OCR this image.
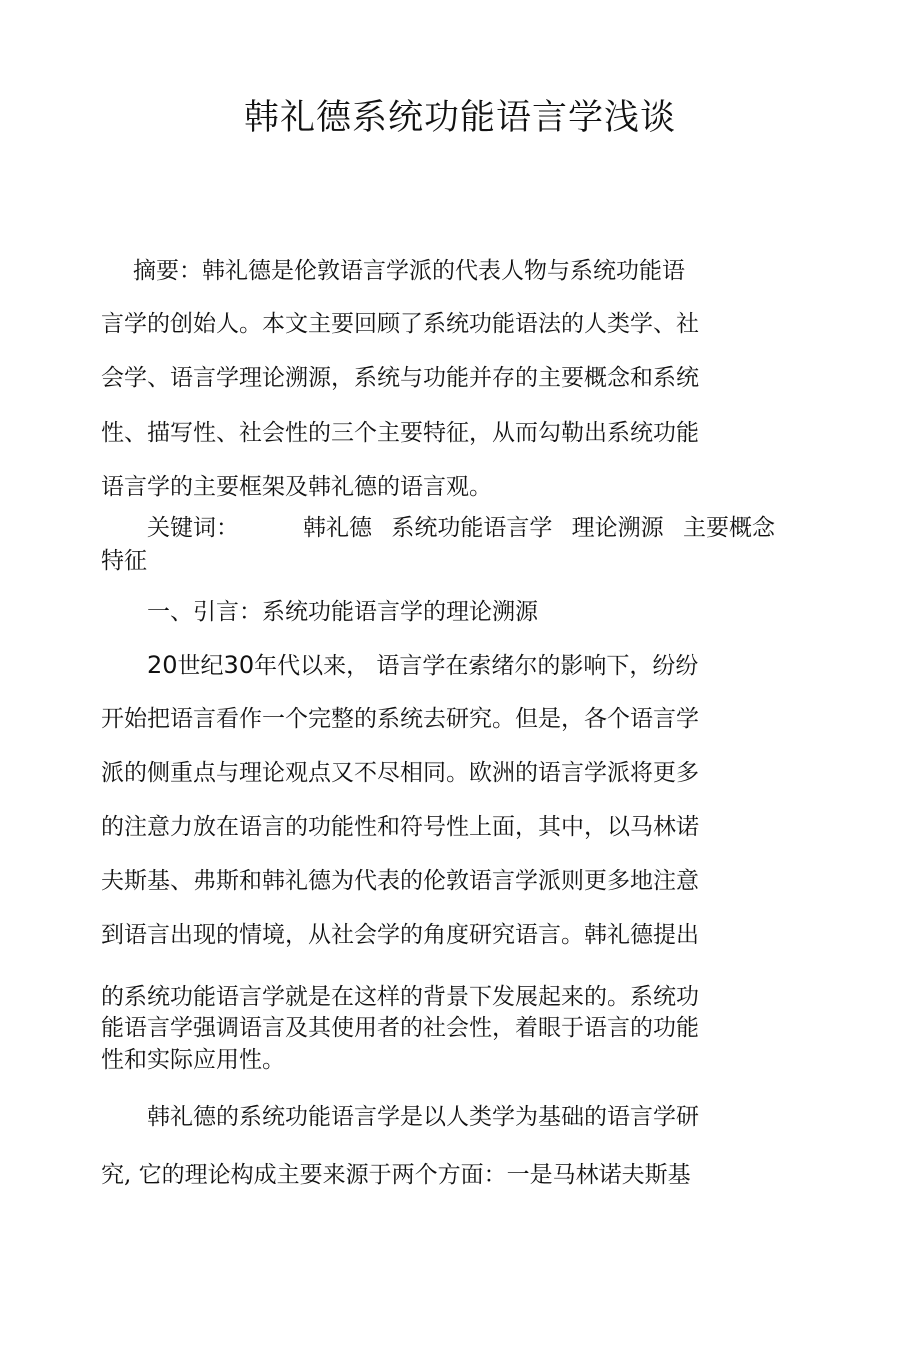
韩礼德系统功能语言学浅谈
摘要：韩礼德是伦敦语言学派的代表人物与系统功能语
言学的创始人。本文主要回顾了系统功能语法的人类学、社
会学、语言学理论溯源，系统与功能并存的主要概念和系统
性、描写性、社会性的三个主要特征，从而勾勒出系统功能
语言学的主要框架及韩礼德的语言观。
关键词：	韩礼德 系统功能语言学 理论溯源 主要概念
特征
一、引言：系统功能语言学的理论溯源
20世纪30年代以来， 语言学在索绪尔的影响下，纷纷
开始把语言看作一个完整的系统去研究。但是，各个语言学
派的侧重点与理论观点又不尽相同。欧洲的语言学派将更多
的注意力放在语言的功能性和符号性上面，其中，以马林诺
夫斯基、弗斯和韩礼德为代表的伦敦语言学派则更多地注意
到语言出现的情境，从社会学的角度研究语言。韩礼德提出
的系统功能语言学就是在这样的背景下发展起来的。系统功
能语言学强调语言及其使用者的社会性，着眼于语言的功能
性和实际应用性。
韩礼德的系统功能语言学是以人类学为基础的语言学研
究, 它的理论构成主要来源于两个方面：一是马林诺夫斯基
